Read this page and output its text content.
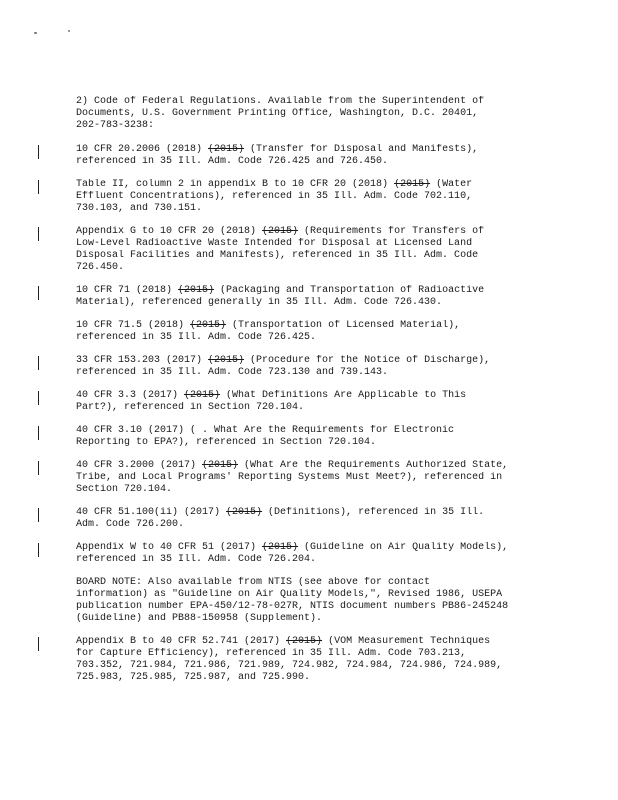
2) Code of Federal Regulations. Available from the Superintendent of
Documents, U.S. Government Printing Office, Washington, D.C. 20401,
202-783-3238:
10 CFR 20.2006 (2018) (2015) (Transfer for Disposal and Manifests),
referenced in 35 Ill. Adm. Code 726.425 and 726.450.
Table II, column 2 in appendix B to 10 CFR 20 (2018) (2015) (Water
Effluent Concentrations), referenced in 35 Ill. Adm. Code 702.110,
730.103, and 730.151.
Appendix G to 10 CFR 20 (2018) (2015) (Requirements for Transfers of
Low-Level Radioactive Waste Intended for Disposal at Licensed Land
Disposal Facilities and Manifests), referenced in 35 Ill. Adm. Code
726.450.
10 CFR 71 (2018) (2015) (Packaging and Transportation of Radioactive
Material), referenced generally in 35 Ill. Adm. Code 726.430.
10 CFR 71.5 (2018) (2015) (Transportation of Licensed Material),
referenced in 35 Ill. Adm. Code 726.425.
33 CFR 153.203 (2017) (2015) (Procedure for the Notice of Discharge),
referenced in 35 Ill. Adm. Code 723.130 and 739.143.
40 CFR 3.3 (2017) (2015) (What Definitions Are Applicable to This
Part?), referenced in Section 720.104.
40 CFR 3.10 (2017) ( . What Are the Requirements for Electronic
Reporting to EPA?), referenced in Section 720.104.
40 CFR 3.2000 (2017) (2015) (What Are the Requirements Authorized State,
Tribe, and Local Programs' Reporting Systems Must Meet?), referenced in
Section 720.104.
40 CFR 51.100(ii) (2017) (2015) (Definitions), referenced in 35 Ill.
Adm. Code 726.200.
Appendix W to 40 CFR 51 (2017) (2015) (Guideline on Air Quality Models),
referenced in 35 Ill. Adm. Code 726.204.
BOARD NOTE: Also available from NTIS (see above for contact
information) as "Guideline on Air Quality Models,", Revised 1986, USEPA
publication number EPA-450/12-78-027R, NTIS document numbers PB86-245248
(Guideline) and PB88-150958 (Supplement).
Appendix B to 40 CFR 52.741 (2017) (2015) (VOM Measurement Techniques
for Capture Efficiency), referenced in 35 Ill. Adm. Code 703.213,
703.352, 721.984, 721.986, 721.989, 724.982, 724.984, 724.986, 724.989,
725.983, 725.985, 725.987, and 725.990.
